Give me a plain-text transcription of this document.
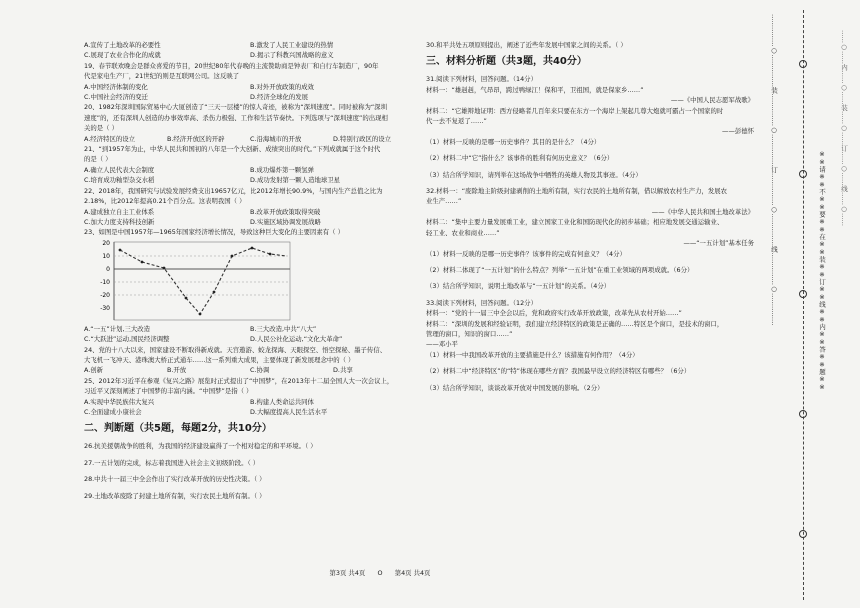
A.宣传了土地改革的必要性	B.激发了人民工业建设的热情
C.展现了农业合作化的成就	D.揭示了科教兴国战略的意义
19、春节联欢晚会是群众喜爱的节目，20世纪80年代春晚的主流赞助商是钟表厂和自行车制造厂，90年
代是家电生产厂，21世纪的则是互联网公司。这反映了
A.中国经济体制的变化	B.对外开放政策的成效
C.中国社会经济的变迁	D.经济全球化的发展
20、1982年深圳国际贸易中心大厦创造了“三天一层楼”的惊人奇迹，被称为“深圳速度”。同时被称为“深圳
速度”的，还有深圳人创造的办事效率高、杀伤力极强、工作和生活节奏快。下列选项与“深圳速度”的出现相
关的是（ ）
A.经济特区的设立	B.经济开放区的开辟	C.沿海城市的开放	D.特别行政区的设立
21、“到1957年为止，中华人民共和国初的八年是一个大创新、成绩突出的时代。”下列成就属于这个时代
的是（ ）
A.确立人民代表大会制度	B.成功爆炸第一颗氢弹
C.培育成功籼型杂交水稻	D.成功发射第一颗人造地球卫星
22、2018年，我国研究与试验发展经费支出19657亿元，比2012年增长90.9%，与国内生产总值之比为
2.18%，比2012年提高0.21个百分点。这表明我国（ ）
A.建成独立自主工业体系	B.改革开放政策取得突破
C.加大力度支持科技创新	D.实施区域协调发展战略
23、如图是中国1957年—1965年国家经济增长情况，导致这种巨大变化的主要因素有（ ）
20
10
0
-10
-20
-30
A.“一五”计划,三大改造	B.三大改造,中共“八大”
C.“大跃进”运动,国民经济调整	D.人民公社化运动,“文化大革命”
24、党的十八大以来，国家建设不断取得新成就。天宫遨游、蛟龙探海、天眼探空、悟空探秘、墨子传信、
大飞机一飞冲天、港珠澳大桥正式通车……这一系列重大成果，主要体现了新发展理念中的（ ）
A.创新	B.开放	C.协调	D.共享
25、2012年习近平在参观《复兴之路》展览时正式提出了“中国梦”，在2013年十二届全国人大一次会议上，
习近平又深刻阐述了中国梦的丰富内涵。“中国梦”是指（ ）
A.实现中华民族伟大复兴	B.构建人类命运共同体
C.全面建成小康社会	D.大幅度提高人民生活水平
二、判断题（共5题，每题2分，共10分）
26.抗美援朝战争的胜利，为我国的经济建设赢得了一个相对稳定的和平环境。（ ）
27.一五计划的完成，标志着我国进入社会主义初级阶段。（ ）
28.中共十一届三中全会作出了实行改革开放的历史性决策。（ ）
29.土地改革废除了封建土地所有制，实行农民土地所有制。（ ）
30.和平共处五项原则提出，阐述了近些年发展中国家之间的关系。（ ）
三、材料分析题（共3题，共40分）
31.阅读下列材料，回答问题。（14分）
材料一：“雄赳赳，气昂昂，跨过鸭绿江！保和平，卫祖国，就是保家乡……”
——《中国人民志愿军战歌》
材料二：“它雄辩地证明：西方侵略者几百年来只要在东方一个海岸上架起几尊大炮就可霸占一个国家的时
代一去不复返了……”
——彭德怀
（1）材料一反映的是哪一历史事件？其目的是什么？（4分）
（2）材料二中“它”指什么？该事件的胜利有何历史意义？（6分）
（3）结合所学知识，请列举在这场战争中牺牲的英雄人物及其事迹。（4分）
32.材料一：“废除地主阶级封建剥削的土地所有制，实行农民的土地所有制，借以解放农村生产力，发展农
业生产……”
——《中华人民共和国土地改革法》
材料二：“集中主要力量发展重工业，建立国家工业化和国防现代化的初步基础；相应地发展交通运输业、
轻工业、农业和商业……”
——“一五计划”基本任务
（1）材料一反映的是哪一历史事件？该事件的完成有何意义？（4分）
（2）材料二体现了“一五计划”的什么特点？列举“一五计划”在重工业领域的两项成就。（6分）
（3）结合所学知识，说明土地改革与“一五计划”的关系。（4分）
33.阅读下列材料，回答问题。（12分）
材料一：“党的十一届三中全会以后，党和政府实行改革开放政策，改革先从农村开始……”
材料二：“深圳的发展和经验证明，我们建立经济特区的政策是正确的……特区是个窗口，是技术的窗口，
管理的窗口，知识的窗口……”
——邓小平
（1）材料一中我国改革开放的主要措施是什么？该措施有何作用？（4分）
（2）材料二中“经济特区”的“特”体现在哪些方面？我国最早设立的经济特区有哪些？（6分）
（3）结合所学知识，谈谈改革开放对中国发展的影响。（2分）
第3页 共4页 O 第4页 共4页
……………○……………装……………○……………订……………○……………线……………○……………	※※请※※不※※要※※在※※装※※订※※线※※内※※答※※题※※
……○……内……○……装……○……订……○……线……○……
